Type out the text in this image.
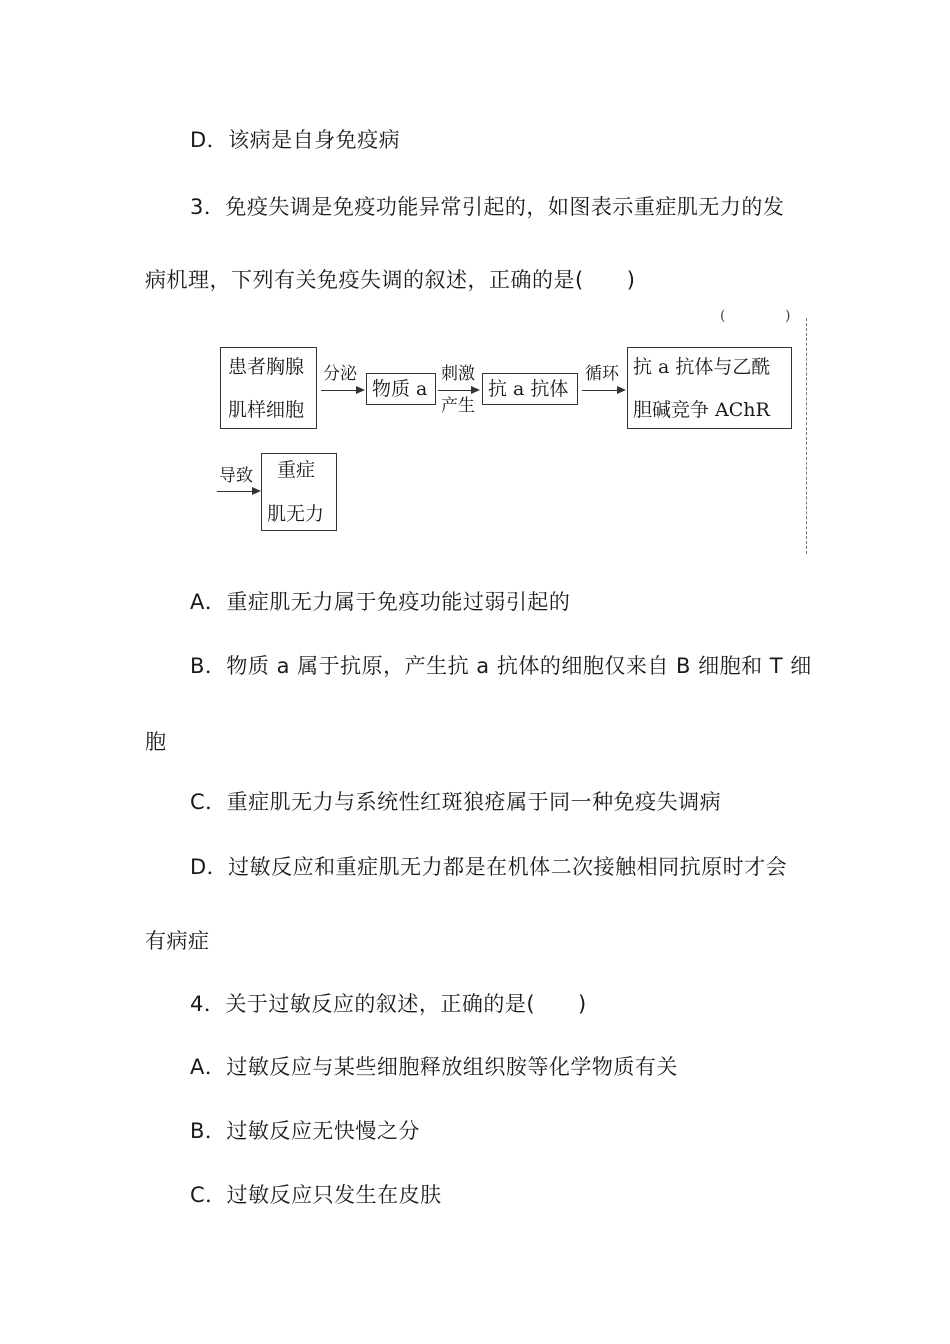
D．该病是自身免疫病
3．免疫失调是免疫功能异常引起的，如图表示重症肌无力的发
病机理，下列有关免疫失调的叙述，正确的是(　　)
(	)
患者胸腺
肌样细胞
分泌
物质 a
刺激
产生
抗 a 抗体
循环 抗 a 抗体与乙酰
胆碱竞争 AChR
导致 重症
肌无力
A．重症肌无力属于免疫功能过弱引起的
B．物质 a 属于抗原，产生抗 a 抗体的细胞仅来自 B 细胞和 T 细
胞
C．重症肌无力与系统性红斑狼疮属于同一种免疫失调病
D．过敏反应和重症肌无力都是在机体二次接触相同抗原时才会
有病症
4．关于过敏反应的叙述，正确的是(　　)
A．过敏反应与某些细胞释放组织胺等化学物质有关
B．过敏反应无快慢之分
C．过敏反应只发生在皮肤
